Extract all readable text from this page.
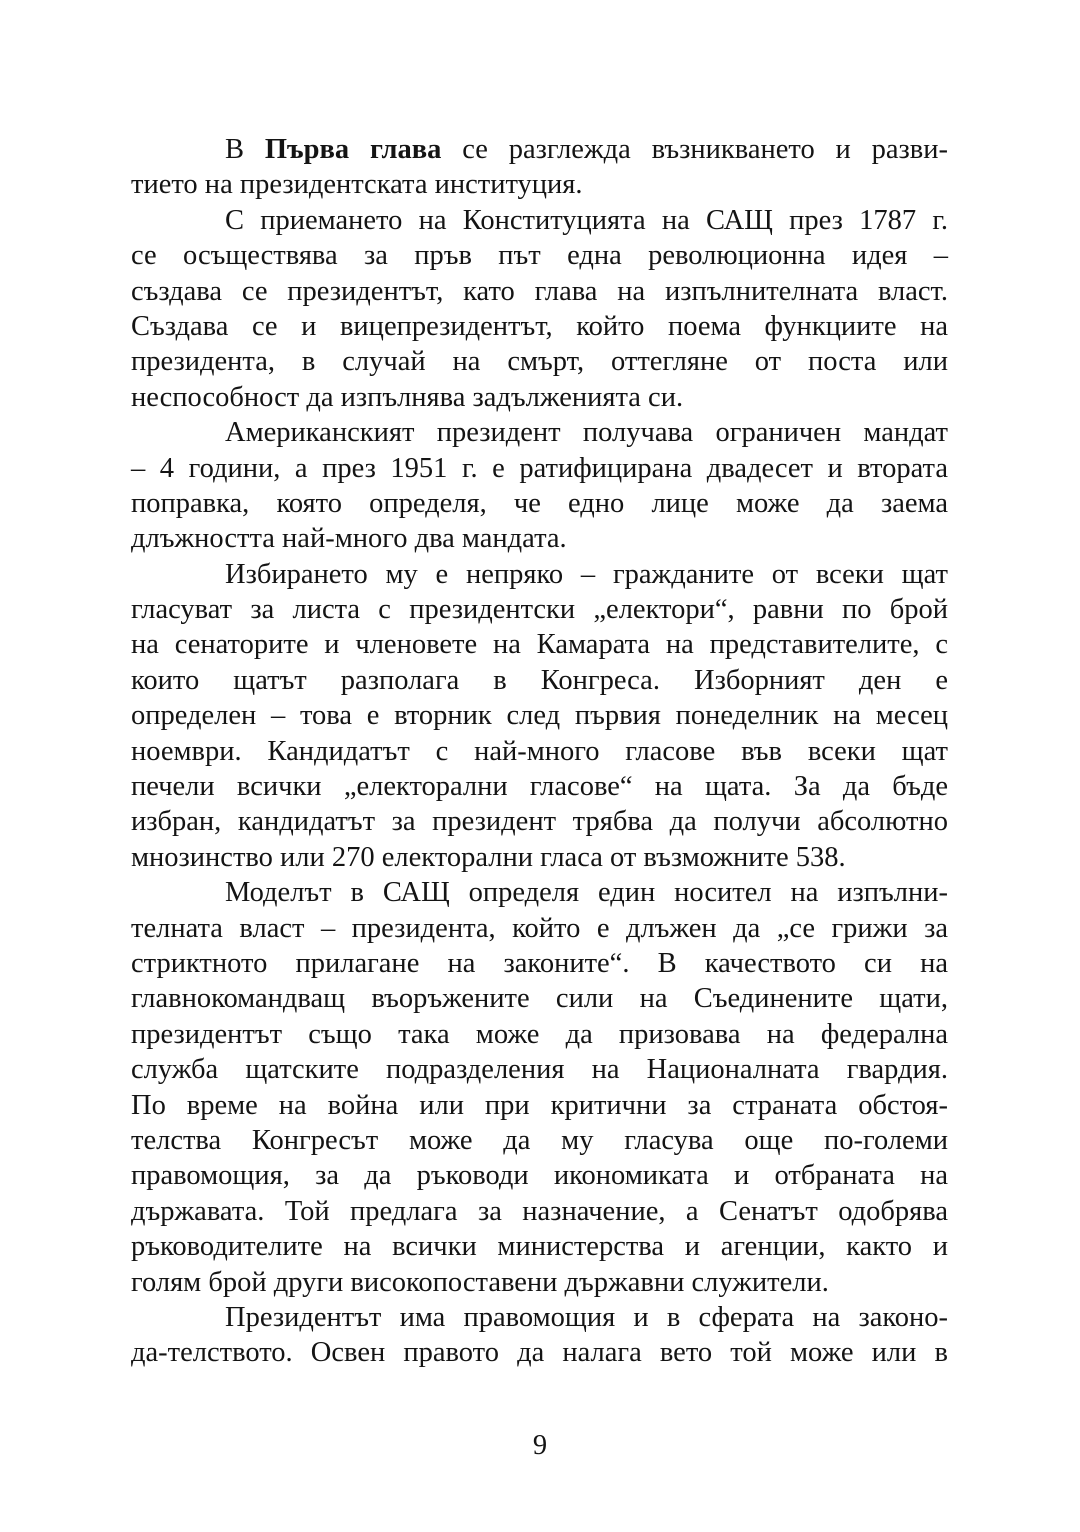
В Първа глава се разглежда възникването и разви-
тието на президентската институция.
С приемането на Конституцията на САЩ през 1787 г.
се осъществява за пръв път една революционна идея –
създава се президентът, като глава на изпълнителната власт.
Създава се и вицепрезидентът, който поема функциите на
президента, в случай на смърт, оттегляне от поста или
неспособност да изпълнява задълженията си.
Американският президент получава ограничен мандат
– 4 години, а през 1951 г. е ратифицирана двадесет и втората
поправка, която определя, че едно лице може да заема
длъжността най-много два мандата.
Избирането му е непряко – гражданите от всеки щат
гласуват за листа с президентски „електори“, равни по брой
на сенаторите и членовете на Камарата на представителите, с
които щатът разполага в Конгреса. Изборният ден е
определен – това е вторник след първия понеделник на месец
ноември. Кандидатът с най-много гласове във всеки щат
печели всички „електорални гласове“ на щата. За да бъде
избран, кандидатът за президент трябва да получи абсолютно
мнозинство или 270 електорални гласа от възможните 538.
Моделът в САЩ определя един носител на изпълни-
телната власт – президента, който е длъжен да „се грижи за
стриктното прилагане на законите“. В качеството си на
главнокомандващ въоръжените сили на Съединените щати,
президентът също така може да призовава на федерална
служба щатските подразделения на Националната гвардия.
По време на война или при критични за страната обстоя-
телства Конгресът може да му гласува още по-големи
правомощия, за да ръководи икономиката и отбраната на
държавата. Той предлага за назначение, а Сенатът одобрява
ръководителите на всички министерства и агенции, както и
голям брой други високопоставени държавни служители.
Президентът има правомощия и в сферата на законо-
да-телството. Освен правото да налага вето той може или в
9
